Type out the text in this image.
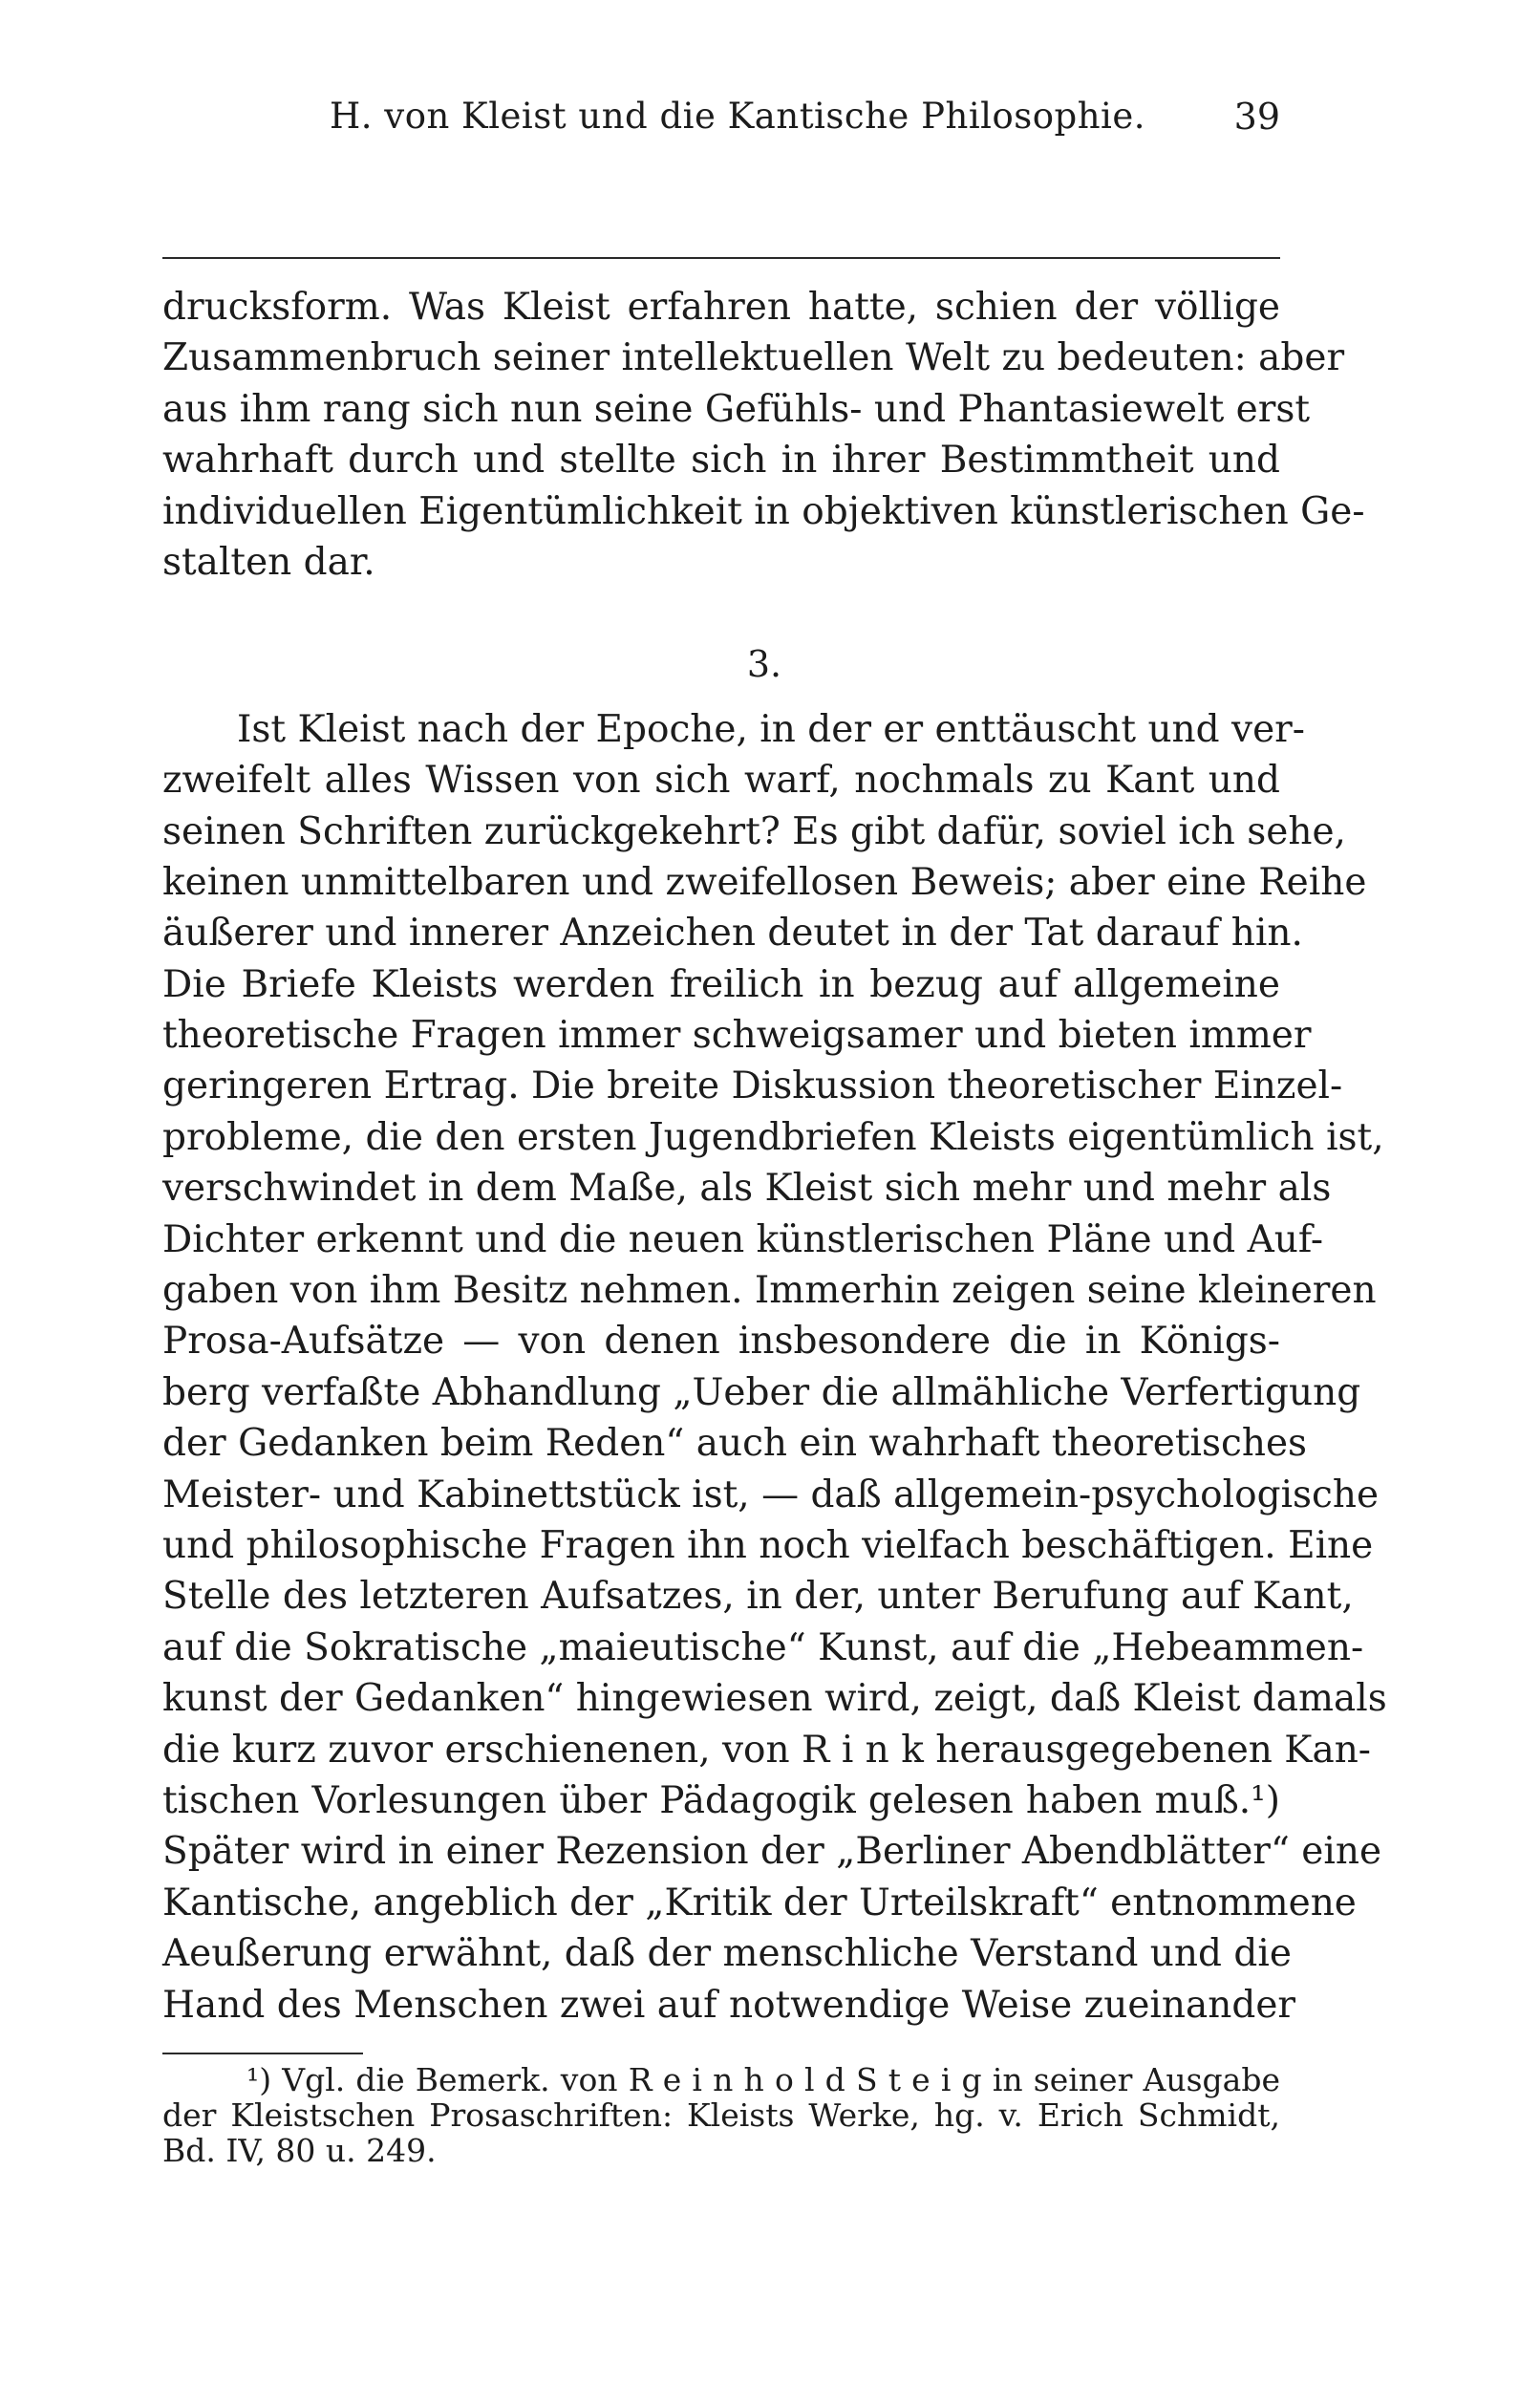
H. von Kleist und die Kantische Philosophie. 39
drucksform. Was Kleist erfahren hatte, schien der völlige
Zusammenbruch seiner intellektuellen Welt zu bedeuten: aber
aus ihm rang sich nun seine Gefühls- und Phantasiewelt erst
wahrhaft durch und stellte sich in ihrer Bestimmtheit und
individuellen Eigentümlichkeit in objektiven künstlerischen Ge-
stalten dar.
3.
Ist Kleist nach der Epoche, in der er enttäuscht und ver-
zweifelt alles Wissen von sich warf, nochmals zu Kant und
seinen Schriften zurückgekehrt? Es gibt dafür, soviel ich sehe,
keinen unmittelbaren und zweifellosen Beweis; aber eine Reihe
äußerer und innerer Anzeichen deutet in der Tat darauf hin.
Die Briefe Kleists werden freilich in bezug auf allgemeine
theoretische Fragen immer schweigsamer und bieten immer
geringeren Ertrag. Die breite Diskussion theoretischer Einzel-
probleme, die den ersten Jugendbriefen Kleists eigentümlich ist,
verschwindet in dem Maße, als Kleist sich mehr und mehr als
Dichter erkennt und die neuen künstlerischen Pläne und Auf-
gaben von ihm Besitz nehmen. Immerhin zeigen seine kleineren
Prosa-Aufsätze — von denen insbesondere die in Königs-
berg verfaßte Abhandlung „Ueber die allmähliche Verfertigung
der Gedanken beim Reden“ auch ein wahrhaft theoretisches
Meister- und Kabinettstück ist, — daß allgemein-psychologische
und philosophische Fragen ihn noch vielfach beschäftigen. Eine
Stelle des letzteren Aufsatzes, in der, unter Berufung auf Kant,
auf die Sokratische „maieutische“ Kunst, auf die „Hebeammen-
kunst der Gedanken“ hingewiesen wird, zeigt, daß Kleist damals
die kurz zuvor erschienenen, von R i n k herausgegebenen Kan-
tischen Vorlesungen über Pädagogik gelesen haben muß.¹)
Später wird in einer Rezension der „Berliner Abendblätter“ eine
Kantische, angeblich der „Kritik der Urteilskraft“ entnommene
Aeußerung erwähnt, daß der menschliche Verstand und die
Hand des Menschen zwei auf notwendige Weise zueinander
¹) Vgl. die Bemerk. von R e i n h o l d S t e i g in seiner Ausgabe
der Kleistschen Prosaschriften: Kleists Werke, hg. v. Erich Schmidt,
Bd. IV, 80 u. 249.
